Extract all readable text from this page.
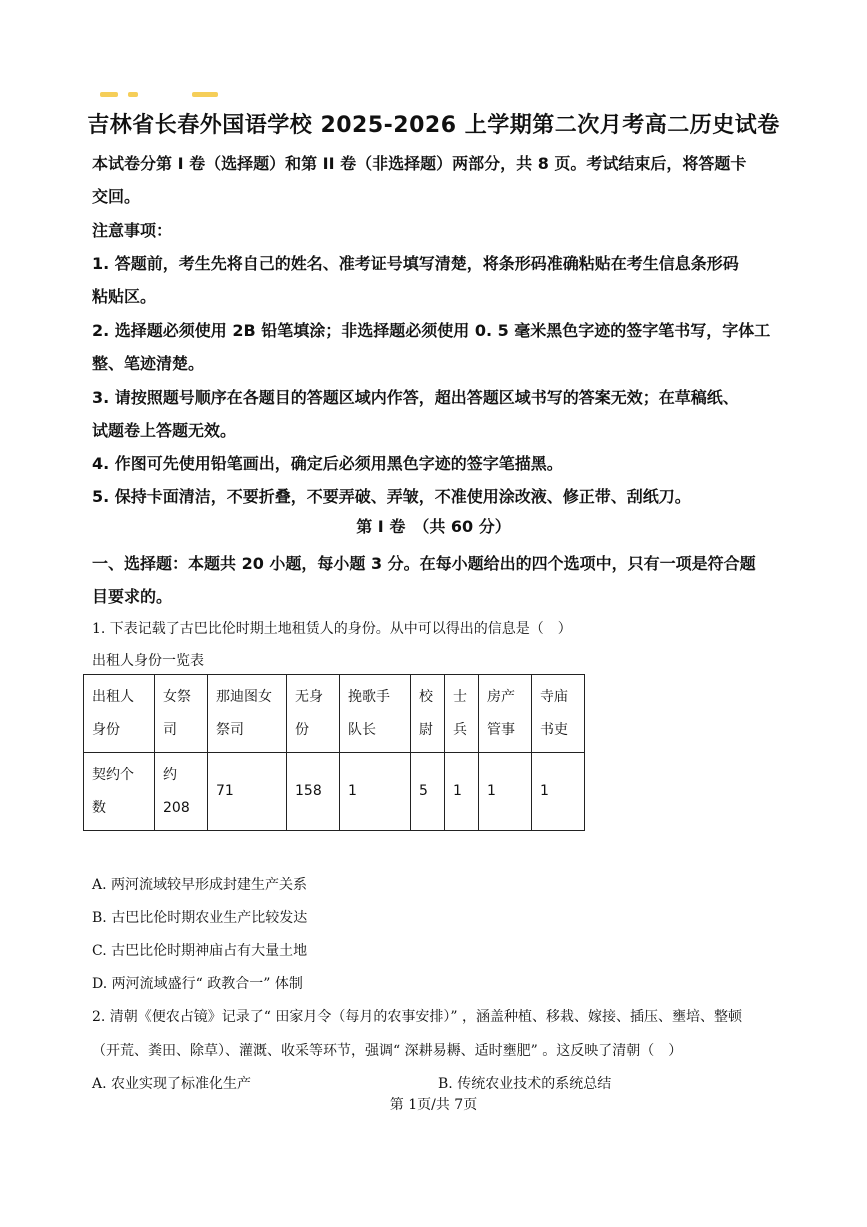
吉林省长春外国语学校 2025-2026 上学期第二次月考高二历史试卷
本试卷分第 I 卷（选择题）和第 II 卷（非选择题）两部分，共 8 页。考试结束后，将答题卡
交回。
注意事项：
1. 答题前，考生先将自己的姓名、准考证号填写清楚，将条形码准确粘贴在考生信息条形码
粘贴区。
2. 选择题必须使用 2B 铅笔填涂；非选择题必须使用 0. 5 毫米黑色字迹的签字笔书写，字体工
整、笔迹清楚。
3. 请按照题号顺序在各题目的答题区域内作答，超出答题区域书写的答案无效；在草稿纸、
试题卷上答题无效。
4. 作图可先使用铅笔画出，确定后必须用黑色字迹的签字笔描黑。
5. 保持卡面清洁，不要折叠，不要弄破、弄皱，不准使用涂改液、修正带、刮纸刀。
第 I 卷　（共 60 分）
一、选择题：本题共 20 小题，每小题 3 分。在每小题给出的四个选项中，只有一项是符合题
目要求的。
1. 下表记载了古巴比伦时期土地租赁人的身份。从中可以得出的信息是（　）
出租人身份一览表
出租人身份	女祭司	那迪图女祭司	无身份	挽歌手队长	校尉	士兵	房产管事	寺庙书吏
契约个数	约 208	71	158	1	5	1	1	1
A. 两河流域较早形成封建生产关系
B. 古巴比伦时期农业生产比较发达
C. 古巴比伦时期神庙占有大量土地
D. 两河流域盛行“ 政教合一” 体制
2. 清朝《便农占镜》记录了“ 田家月令（每月的农事安排）” ，涵盖种植、移栽、嫁接、插压、壅培、整顿
（开荒、粪田、除草）、灌溉、收采等环节，强调“ 深耕易耨、适时壅肥” 。这反映了清朝（　）
A. 农业实现了标准化生产	B. 传统农业技术的系统总结
第 1页/共 7页
